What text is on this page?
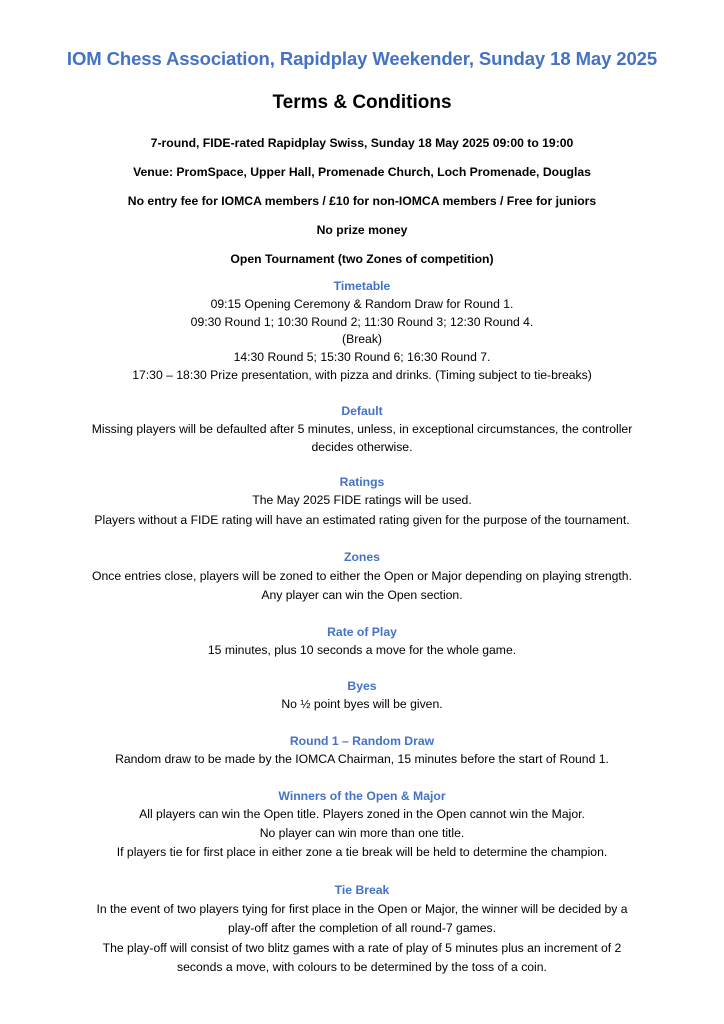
IOM Chess Association, Rapidplay Weekender, Sunday 18 May 2025
Terms & Conditions
7-round, FIDE-rated Rapidplay Swiss, Sunday 18 May 2025 09:00 to 19:00
Venue: PromSpace, Upper Hall, Promenade Church, Loch Promenade, Douglas
No entry fee for IOMCA members / £10 for non-IOMCA members / Free for juniors
No prize money
Open Tournament (two Zones of competition)
Timetable
09:15 Opening Ceremony & Random Draw for Round 1.
09:30 Round 1; 10:30 Round 2; 11:30 Round 3; 12:30 Round 4.
(Break)
14:30 Round 5; 15:30 Round 6; 16:30 Round 7.
17:30 – 18:30 Prize presentation, with pizza and drinks. (Timing subject to tie-breaks)
Default
Missing players will be defaulted after 5 minutes, unless, in exceptional circumstances, the controller
decides otherwise.
Ratings
The May 2025 FIDE ratings will be used.
Players without a FIDE rating will have an estimated rating given for the purpose of the tournament.
Zones
Once entries close, players will be zoned to either the Open or Major depending on playing strength.
Any player can win the Open section.
Rate of Play
15 minutes, plus 10 seconds a move for the whole game.
Byes
No ½ point byes will be given.
Round 1 – Random Draw
Random draw to be made by the IOMCA Chairman, 15 minutes before the start of Round 1.
Winners of the Open & Major
All players can win the Open title. Players zoned in the Open cannot win the Major.
No player can win more than one title.
If players tie for first place in either zone a tie break will be held to determine the champion.
Tie Break
In the event of two players tying for first place in the Open or Major, the winner will be decided by a
play-off after the completion of all round-7 games.
The play-off will consist of two blitz games with a rate of play of 5 minutes plus an increment of 2
seconds a move, with colours to be determined by the toss of a coin.
